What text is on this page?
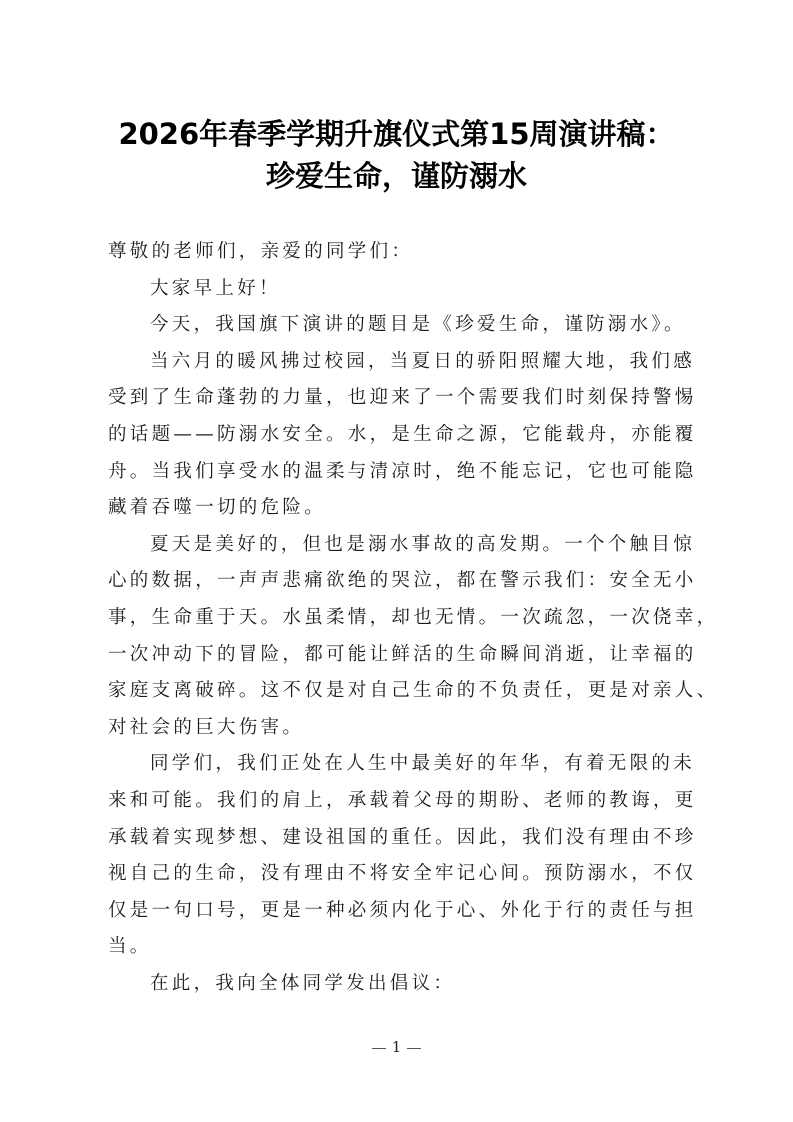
2026年春季学期升旗仪式第15周演讲稿：
珍爱生命，谨防溺水
尊敬的老师们，亲爱的同学们：
大家早上好！
今天，我国旗下演讲的题目是《珍爱生命，谨防溺水》。
当六月的暖风拂过校园，当夏日的骄阳照耀大地，我们感
受到了生命蓬勃的力量，也迎来了一个需要我们时刻保持警惕
的话题——防溺水安全。水，是生命之源，它能载舟，亦能覆
舟。当我们享受水的温柔与清凉时，绝不能忘记，它也可能隐
藏着吞噬一切的危险。
夏天是美好的，但也是溺水事故的高发期。一个个触目惊
心的数据，一声声悲痛欲绝的哭泣，都在警示我们：安全无小
事，生命重于天。水虽柔情，却也无情。一次疏忽，一次侥幸，
一次冲动下的冒险，都可能让鲜活的生命瞬间消逝，让幸福的
家庭支离破碎。这不仅是对自己生命的不负责任，更是对亲人、
对社会的巨大伤害。
同学们，我们正处在人生中最美好的年华，有着无限的未
来和可能。我们的肩上，承载着父母的期盼、老师的教诲，更
承载着实现梦想、建设祖国的重任。因此，我们没有理由不珍
视自己的生命，没有理由不将安全牢记心间。预防溺水，不仅
仅是一句口号，更是一种必须内化于心、外化于行的责任与担
当。
在此，我向全体同学发出倡议：
1
